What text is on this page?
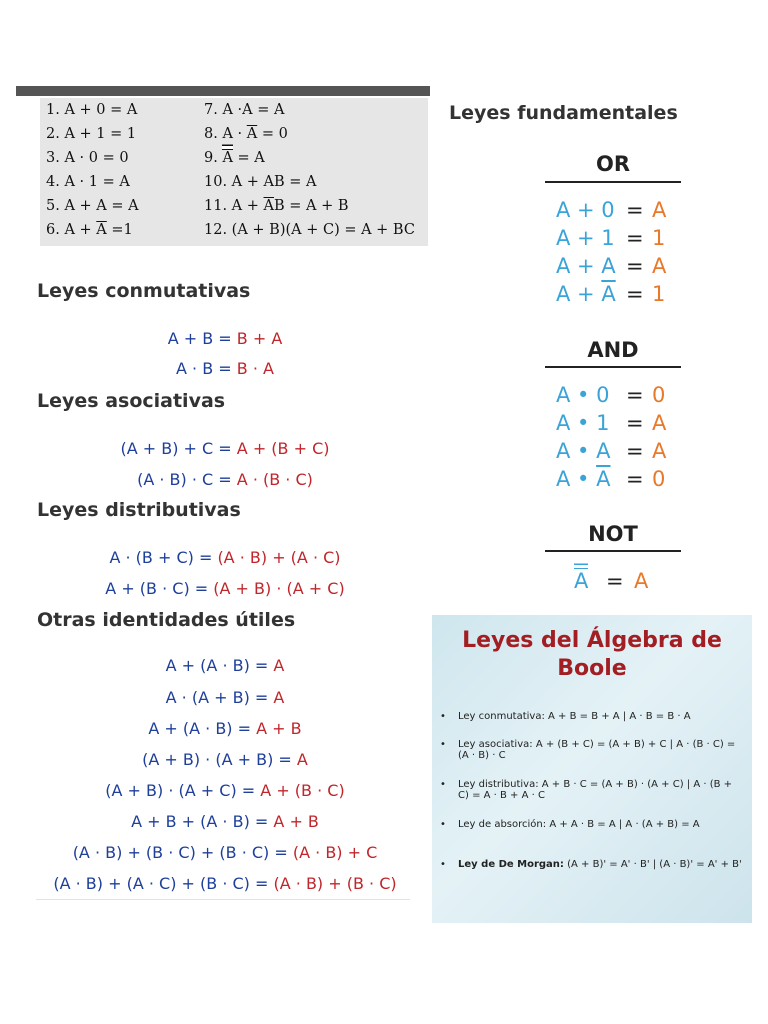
1. A + 0 = A
2. A + 1 = 1
3. A · 0 = 0
4. A · 1 = A
5. A + A = A
6. $A + \overline{A} =1$
7. A ·A = A
8. $A \cdot \overline{A} = 0$
9. A = A
10. A + AB = A
11. $A + \overline{A}B = A + B$
12. (A + B)(A + C) = A + BC
Leyes conmutativas
A + B = B + A
A · B = B · A
Leyes asociativas
(A + B) + C = A + (B + C)
(A · B) · C = A · (B · C)
Leyes distributivas
A · (B + C) = (A · B) + (A · C)
A + (B · C) = (A + B) · (A + C)
Otras identidades útiles
A + (A · B) = A
A · (A + B) = A
A + (A · B) = A + B
(A + B) · (A + B) = A
(A + B) · (A + C) = A + (B · C)
A + B + (A · B) = A + B
(A · B) + (B · C) + (B · C) = (A · B) + C
(A · B) + (A · C) + (B · C) = (A · B) + (B · C)
Leyes fundamentales
OR
A + 0 = A
A + 1 = 1
A + A = A
$A + \overline{A} = 1$
AND
A • 0 = 0
A • 1 = A
A • A = A
A • $\overline{A} = 0$
NOT
A = A
Leyes del Álgebra de Boole
• Ley conmutativa: A + B = B + A | A · B = B · A
• Ley asociativa: A + (B + C) = (A + B) + C | A · (B · C) = (A · B) · C
• Ley distributiva: A + B · C = (A + B) · (A + C) | A · (B + C) = A · B + A · C
• Ley de absorción: A + A · B = A | A · (A + B) = A
• Ley de De Morgan: (A + B)' = A' · B' | (A · B)' = A' + B'
